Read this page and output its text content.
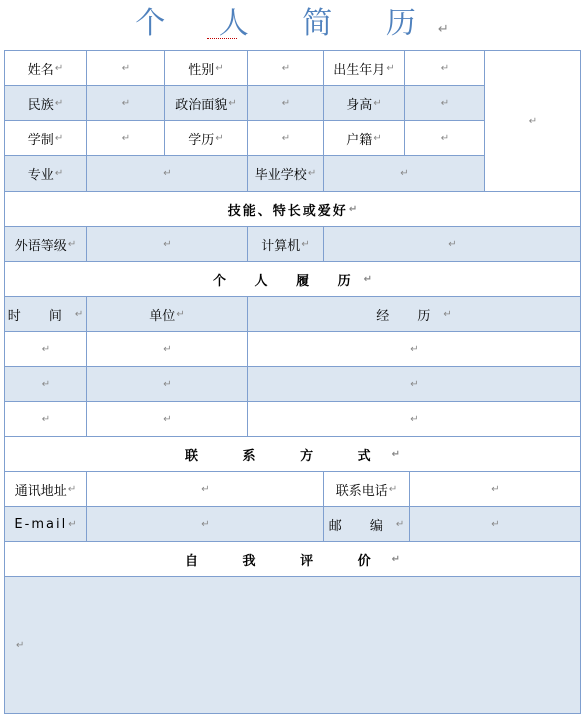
个 人 简 历↵
姓名 ↵	↵	性别 ↵	↵	出生年月 ↵	↵
↵
民族 ↵	↵	政治面貌 ↵	↵	身高 ↵	↵
学制 ↵	↵	学历 ↵	↵	户籍 ↵	↵
专业 ↵	↵	毕业学校 ↵	↵
技能、特长或爱好 ↵
外语等级 ↵	↵	计算机 ↵	↵
个 人 履 历 ↵
时 间 ↵	单位 ↵	经 历 ↵
↵	↵	↵
↵	↵	↵
↵	↵	↵
联 系 方 式 ↵
通讯地址 ↵	↵	联系电话 ↵	↵
E-mail ↵	↵	邮 编 ↵	↵
自 我 评 价 ↵
↵
